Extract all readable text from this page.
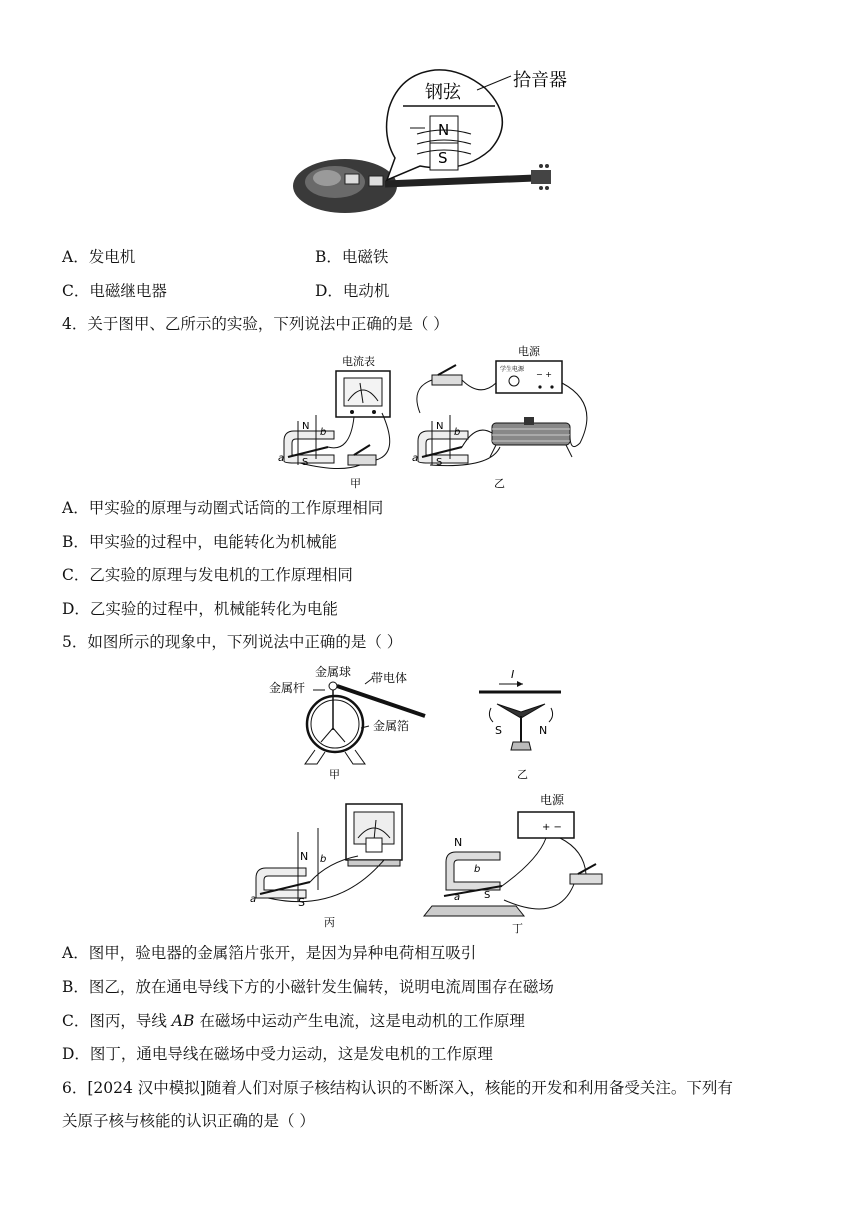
钢弦
拾音器
N
S
A．发电机	B．电磁铁
C．电磁继电器	D．电动机
4．关于图甲、乙所示的实验，下列说法中正确的是（ ）
电流表
N
S
a
b
甲
电源
学生电源
− +
N
S
a
b
乙
A．甲实验的原理与动圈式话筒的工作原理相同
B．甲实验的过程中，电能转化为机械能
C．乙实验的原理与发电机的工作原理相同
D．乙实验的过程中，机械能转化为电能
5．如图所示的现象中，下列说法中正确的是（ ）
金属球
金属杆
带电体
金属箔
甲
I
S	N
乙
N
S
a
b
丙
电源
+ −
N
a
b
S
丁
A．图甲，验电器的金属箔片张开，是因为异种电荷相互吸引
B．图乙，放在通电导线下方的小磁针发生偏转，说明电流周围存在磁场
C．图丙，导线 AB 在磁场中运动产生电流，这是电动机的工作原理
D．图丁，通电导线在磁场中受力运动，这是发电机的工作原理
6．[2024 汉中模拟]随着人们对原子核结构认识的不断深入，核能的开发和利用备受关注。下列有
关原子核与核能的认识正确的是（ ）
